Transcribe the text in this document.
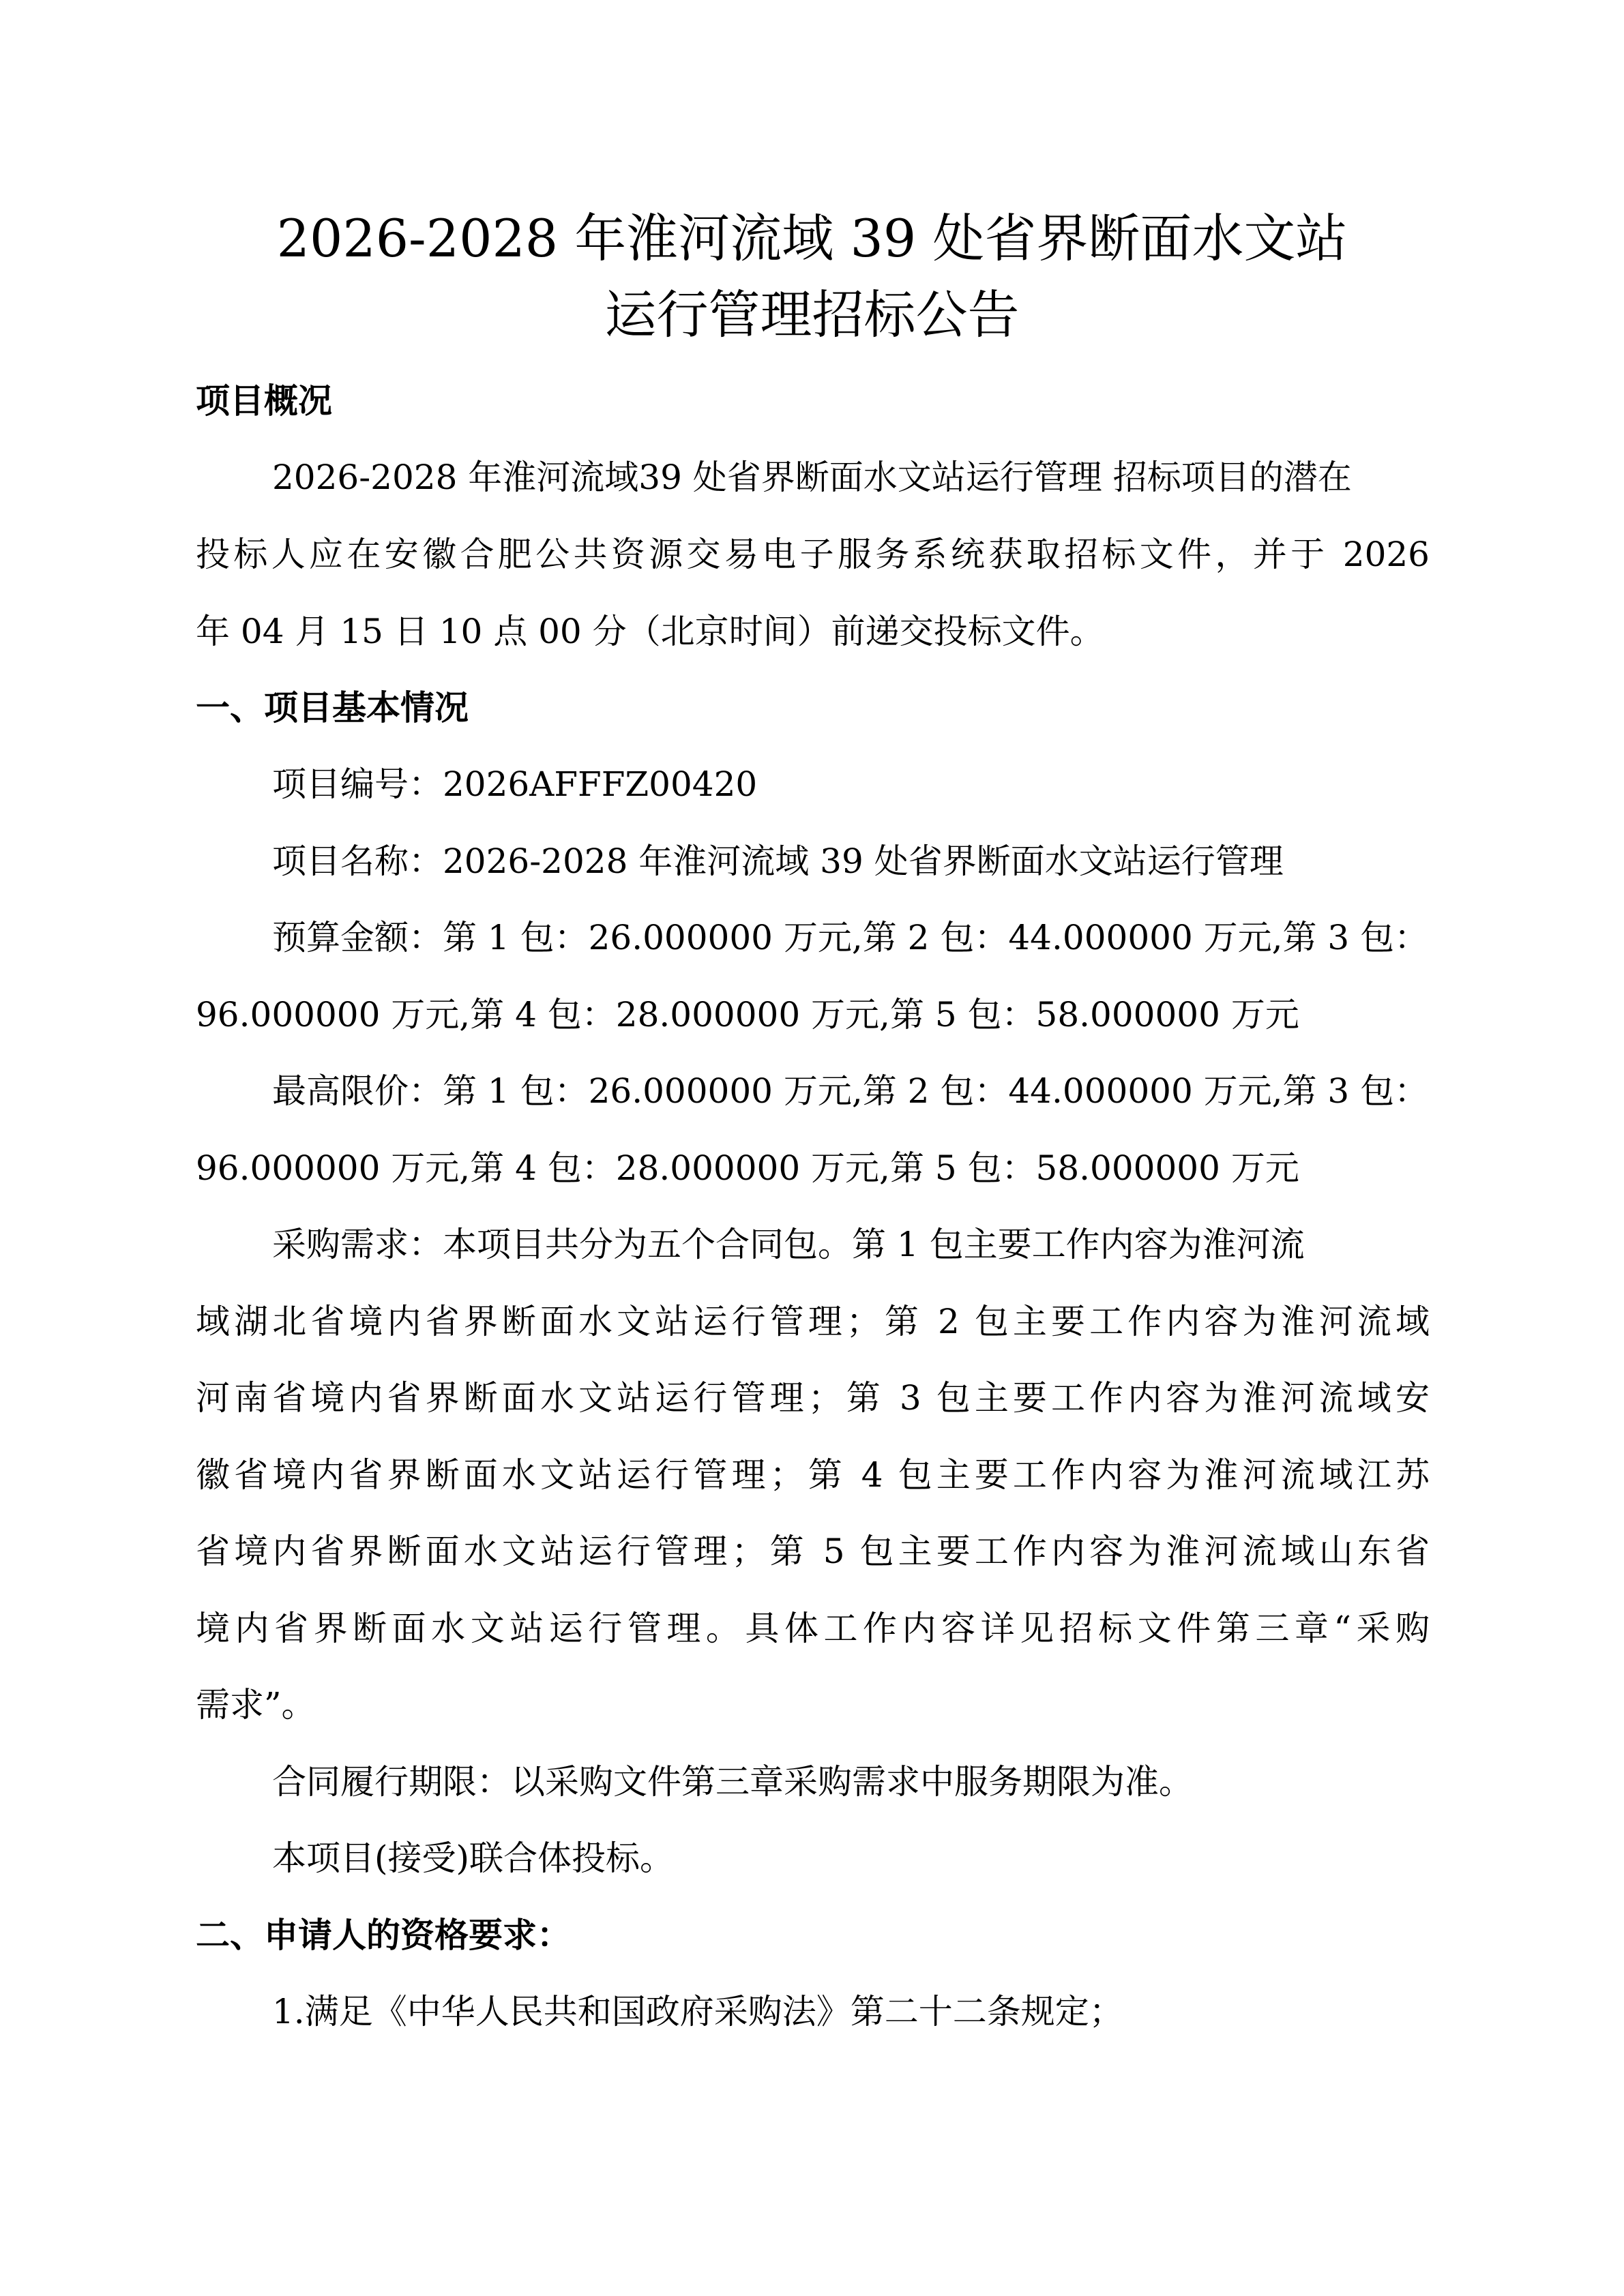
2026-2028 年淮河流域 39 处省界断面水文站
运行管理招标公告
项目概况
2026-2028 年淮河流域39 处省界断面水文站运行管理 招标项目的潜在
投标人应在安徽合肥公共资源交易电子服务系统获取招标文件，并于 2026
年 04 月 15 日 10 点 00 分（北京时间）前递交投标文件。
一、项目基本情况
项目编号：2026AFFFZ00420
项目名称：2026-2028 年淮河流域 39 处省界断面水文站运行管理
预算金额：第 1 包：26.000000 万元,第 2 包：44.000000 万元,第 3 包：
96.000000 万元,第 4 包：28.000000 万元,第 5 包：58.000000 万元
最高限价：第 1 包：26.000000 万元,第 2 包：44.000000 万元,第 3 包：
96.000000 万元,第 4 包：28.000000 万元,第 5 包：58.000000 万元
采购需求：本项目共分为五个合同包。第 1 包主要工作内容为淮河流
域湖北省境内省界断面水文站运行管理；第 2 包主要工作内容为淮河流域
河南省境内省界断面水文站运行管理；第 3 包主要工作内容为淮河流域安
徽省境内省界断面水文站运行管理；第 4 包主要工作内容为淮河流域江苏
省境内省界断面水文站运行管理；第 5 包主要工作内容为淮河流域山东省
境内省界断面水文站运行管理。具体工作内容详见招标文件第三章“采购
需求”。
合同履行期限：以采购文件第三章采购需求中服务期限为准。
本项目(接受)联合体投标。
二、申请人的资格要求：
1.满足《中华人民共和国政府采购法》第二十二条规定；
